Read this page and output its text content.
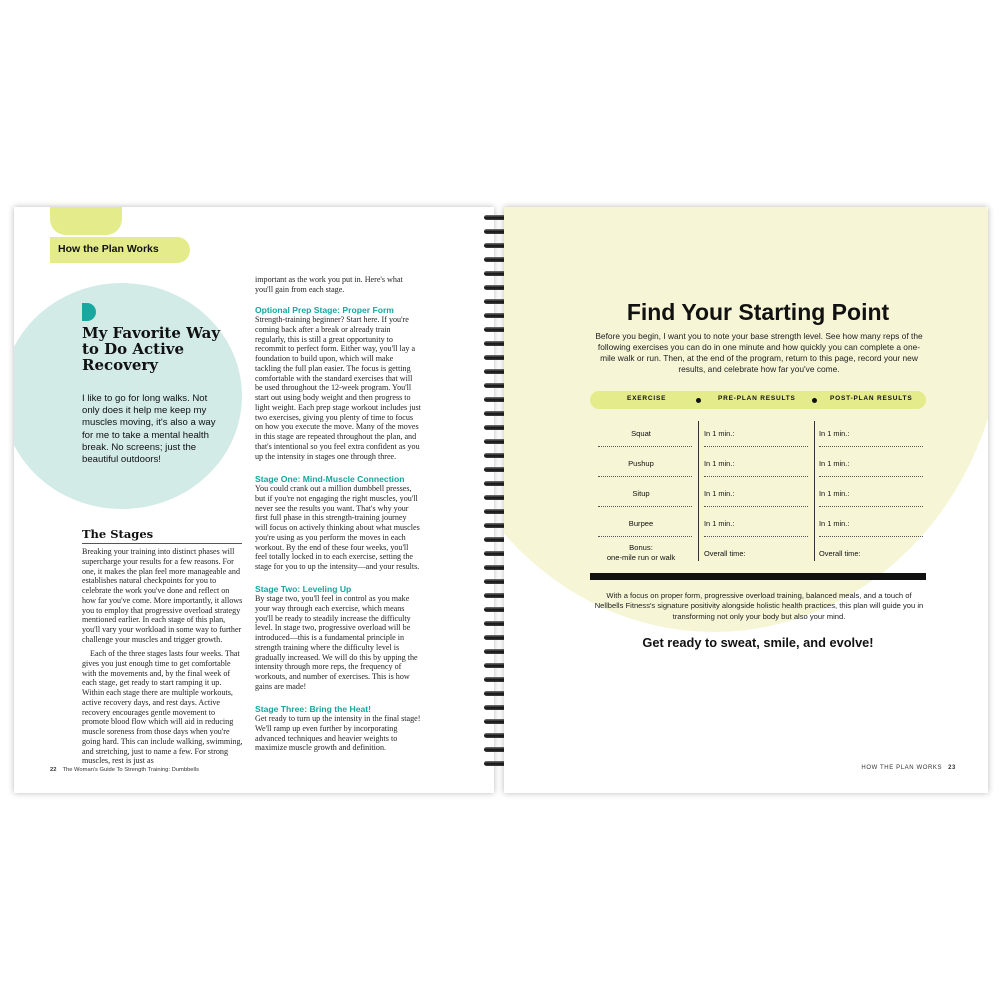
How the Plan Works
My Favorite Way to Do Active Recovery

I like to go for long walks. Not only does it help me keep my muscles moving, it's also a way for me to take a mental health break. No screens; just the beautiful outdoors!

The Stages

Breaking your training into distinct phases will supercharge your results for a few reasons. For one, it makes the plan feel more manageable and establishes natural checkpoints for you to celebrate the work you've done and reflect on how far you've come. More importantly, it allows you to employ that progressive overload strategy mentioned earlier. In each stage of this plan, you'll vary your workload in some way to further challenge your muscles and trigger growth.

Each of the three stages lasts four weeks. That gives you just enough time to get comfortable with the movements and, by the final week of each stage, get ready to start ramping it up. Within each stage there are multiple workouts, active recovery days, and rest days. Active recovery encourages gentle movement to promote blood flow which will aid in reducing muscle soreness from those days when you're going hard. This can include walking, swimming, and stretching, just to name a few. For strong muscles, rest is just as

important as the work you put in. Here's what you'll gain from each stage.

Optional Prep Stage: Proper Form

Strength-training beginner? Start here. If you're coming back after a break or already train regularly, this is still a great opportunity to recommit to perfect form. Either way, you'll lay a foundation to build upon, which will make tackling the full plan easier. The focus is getting comfortable with the standard exercises that will be used throughout the 12-week program. You'll start out using body weight and then progress to light weight. Each prep stage workout includes just two exercises, giving you plenty of time to focus on how you execute the move. Many of the moves in this stage are repeated throughout the plan, and that's intentional so you feel extra confident as you up the intensity in stages one through three.

Stage One: Mind-Muscle Connection

You could crank out a million dumbbell presses, but if you're not engaging the right muscles, you'll never see the results you want. That's why your first full phase in this strength-training journey will focus on actively thinking about what muscles you're using as you perform the moves in each workout. By the end of these four weeks, you'll feel totally locked in to each exercise, setting the stage for you to up the intensity—and your results.

Stage Two: Leveling Up

By stage two, you'll feel in control as you make your way through each exercise, which means you'll be ready to steadily increase the difficulty level. In stage two, progressive overload will be introduced—this is a fundamental principle in strength training where the difficulty level is gradually increased. We will do this by upping the intensity through more reps, the frequency of workouts, and number of exercises. This is how gains are made!

Stage Three: Bring the Heat!

Get ready to turn up the intensity in the final stage! We'll ramp up even further by incorporating advanced techniques and heavier weights to maximize muscle growth and definition.

22 The Woman's Guide To Strength Training: Dumbbells
Find Your Starting Point

Before you begin, I want you to note your base strength level. See how many reps of the following exercises you can do in one minute and how quickly you can complete a one-mile walk or run. Then, at the end of the program, return to this page, record your new results, and celebrate how far you've come.

EXERCISE	PRE-PLAN RESULTS	POST-PLAN RESULTS
Squat	In 1 min.:	In 1 min.:
Pushup	In 1 min.:	In 1 min.:
Situp	In 1 min.:	In 1 min.:
Burpee	In 1 min.:	In 1 min.:
Bonus:
one-mile run or walk	Overall time:	Overall time:

With a focus on proper form, progressive overload training, balanced meals, and a touch of Nellbells Fitness's signature positivity alongside holistic health practices, this plan will guide you in transforming not only your body but also your mind.

Get ready to sweat, smile, and evolve!

HOW THE PLAN WORKS 23
